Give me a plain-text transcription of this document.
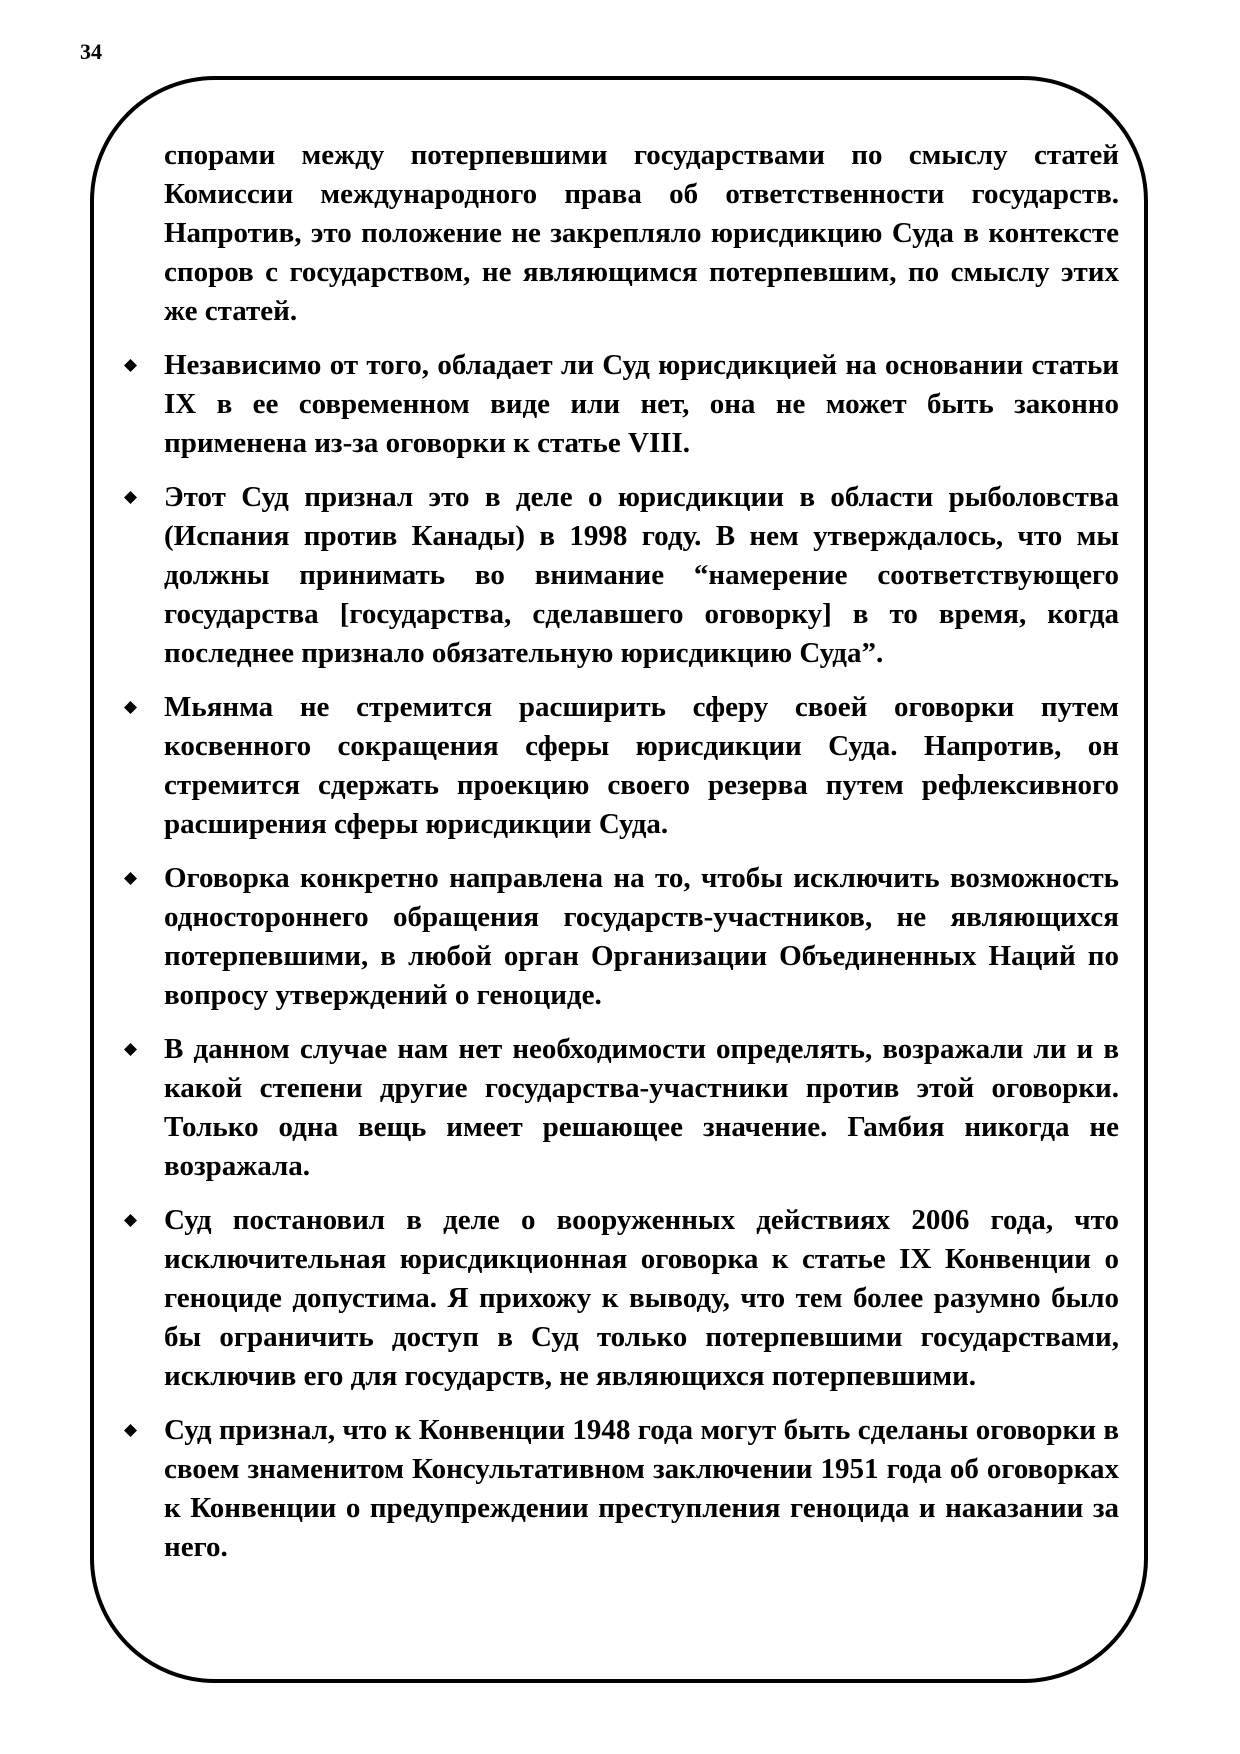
34

спорами между потерпевшими государствами по смыслу статей Комиссии международного права об ответственности государств. Напротив, это положение не закрепляло юрисдикцию Суда в контексте споров с государством, не являющимся потерпевшим, по смыслу этих же статей.

Независимо от того, обладает ли Суд юрисдикцией на основании статьи IX в ее современном виде или нет, она не может быть законно применена из-за оговорки к статье VIII.

Этот Суд признал это в деле о юрисдикции в области рыболовства (Испания против Канады) в 1998 году. В нем утверждалось, что мы должны принимать во внимание “намерение соответствующего государства [государства, сделавшего оговорку] в то время, когда последнее признало обязательную юрисдикцию Суда”.

Мьянма не стремится расширить сферу своей оговорки путем косвенного сокращения сферы юрисдикции Суда. Напротив, он стремится сдержать проекцию своего резерва путем рефлексивного расширения сферы юрисдикции Суда.

Оговорка конкретно направлена на то, чтобы исключить возможность одностороннего обращения государств-участников, не являющихся потерпевшими, в любой орган Организации Объединенных Наций по вопросу утверждений о геноциде.

В данном случае нам нет необходимости определять, возражали ли и в какой степени другие государства-участники против этой оговорки. Только одна вещь имеет решающее значение. Гамбия никогда не возражала.

Суд постановил в деле о вооруженных действиях 2006 года, что исключительная юрисдикционная оговорка к статье IX Конвенции о геноциде допустима. Я прихожу к выводу, что тем более разумно было бы ограничить доступ в Суд только потерпевшими государствами, исключив его для государств, не являющихся потерпевшими.

Суд признал, что к Конвенции 1948 года могут быть сделаны оговорки в своем знаменитом Консультативном заключении 1951 года об оговорках к Конвенции о предупреждении преступления геноцида и наказании за него.
